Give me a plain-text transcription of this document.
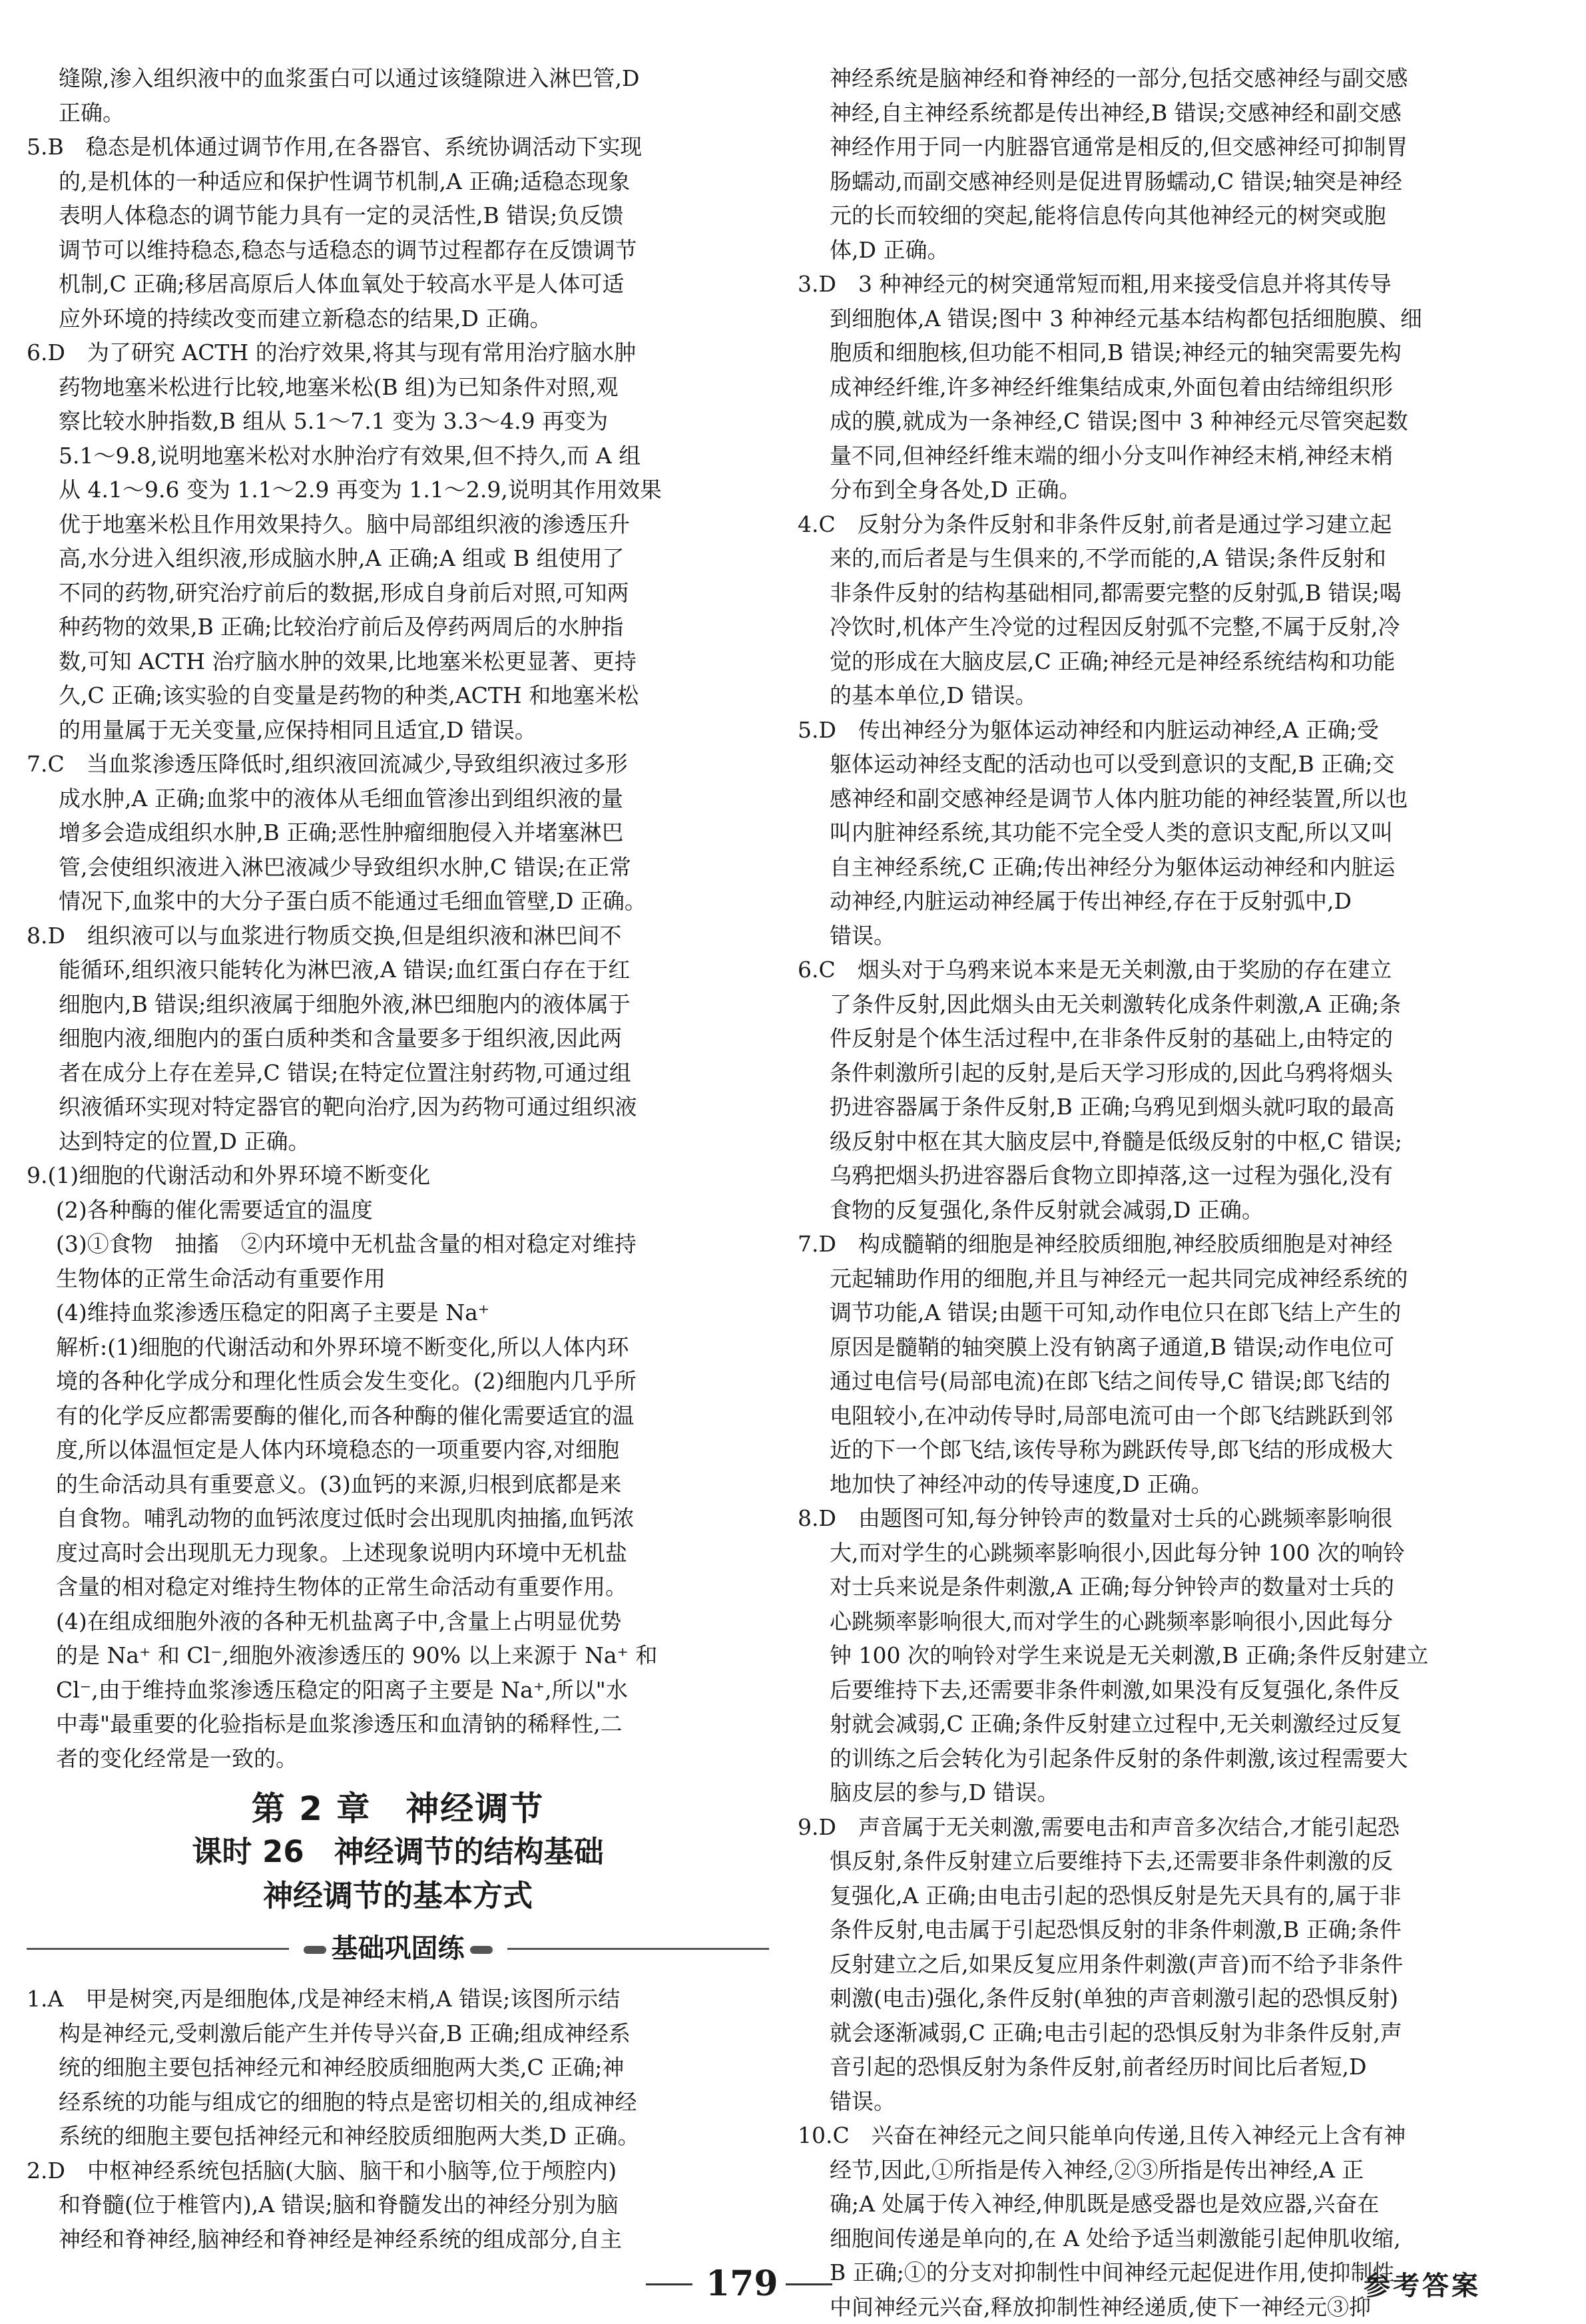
缝隙,渗入组织液中的血浆蛋白可以通过该缝隙进入淋巴管,D
正确。
5.B　稳态是机体通过调节作用,在各器官、系统协调活动下实现
的,是机体的一种适应和保护性调节机制,A 正确;适稳态现象
表明人体稳态的调节能力具有一定的灵活性,B 错误;负反馈
调节可以维持稳态,稳态与适稳态的调节过程都存在反馈调节
机制,C 正确;移居高原后人体血氧处于较高水平是人体可适
应外环境的持续改变而建立新稳态的结果,D 正确。
6.D　为了研究 ACTH 的治疗效果,将其与现有常用治疗脑水肿
药物地塞米松进行比较,地塞米松(B 组)为已知条件对照,观
察比较水肿指数,B 组从 5.1～7.1 变为 3.3～4.9 再变为
5.1～9.8,说明地塞米松对水肿治疗有效果,但不持久,而 A 组
从 4.1～9.6 变为 1.1～2.9 再变为 1.1～2.9,说明其作用效果
优于地塞米松且作用效果持久。脑中局部组织液的渗透压升
高,水分进入组织液,形成脑水肿,A 正确;A 组或 B 组使用了
不同的药物,研究治疗前后的数据,形成自身前后对照,可知两
种药物的效果,B 正确;比较治疗前后及停药两周后的水肿指
数,可知 ACTH 治疗脑水肿的效果,比地塞米松更显著、更持
久,C 正确;该实验的自变量是药物的种类,ACTH 和地塞米松
的用量属于无关变量,应保持相同且适宜,D 错误。
7.C　当血浆渗透压降低时,组织液回流减少,导致组织液过多形
成水肿,A 正确;血浆中的液体从毛细血管渗出到组织液的量
增多会造成组织水肿,B 正确;恶性肿瘤细胞侵入并堵塞淋巴
管,会使组织液进入淋巴液减少导致组织水肿,C 错误;在正常
情况下,血浆中的大分子蛋白质不能通过毛细血管壁,D 正确。
8.D　组织液可以与血浆进行物质交换,但是组织液和淋巴间不
能循环,组织液只能转化为淋巴液,A 错误;血红蛋白存在于红
细胞内,B 错误;组织液属于细胞外液,淋巴细胞内的液体属于
细胞内液,细胞内的蛋白质种类和含量要多于组织液,因此两
者在成分上存在差异,C 错误;在特定位置注射药物,可通过组
织液循环实现对特定器官的靶向治疗,因为药物可通过组织液
达到特定的位置,D 正确。
9.(1)细胞的代谢活动和外界环境不断变化
(2)各种酶的催化需要适宜的温度
(3)①食物　抽搐　②内环境中无机盐含量的相对稳定对维持
生物体的正常生命活动有重要作用
(4)维持血浆渗透压稳定的阳离子主要是 Na⁺
解析:(1)细胞的代谢活动和外界环境不断变化,所以人体内环
境的各种化学成分和理化性质会发生变化。(2)细胞内几乎所
有的化学反应都需要酶的催化,而各种酶的催化需要适宜的温
度,所以体温恒定是人体内环境稳态的一项重要内容,对细胞
的生命活动具有重要意义。(3)血钙的来源,归根到底都是来
自食物。哺乳动物的血钙浓度过低时会出现肌肉抽搐,血钙浓
度过高时会出现肌无力现象。上述现象说明内环境中无机盐
含量的相对稳定对维持生物体的正常生命活动有重要作用。
(4)在组成细胞外液的各种无机盐离子中,含量上占明显优势
的是 Na⁺ 和 Cl⁻,细胞外液渗透压的 90% 以上来源于 Na⁺ 和
Cl⁻,由于维持血浆渗透压稳定的阳离子主要是 Na⁺,所以"水
中毒"最重要的化验指标是血浆渗透压和血清钠的稀释性,二
者的变化经常是一致的。
第 2 章　神经调节
课时 26　神经调节的结构基础
神经调节的基本方式
基础巩固练
1.A　甲是树突,丙是细胞体,戊是神经末梢,A 错误;该图所示结
构是神经元,受刺激后能产生并传导兴奋,B 正确;组成神经系
统的细胞主要包括神经元和神经胶质细胞两大类,C 正确;神
经系统的功能与组成它的细胞的特点是密切相关的,组成神经
系统的细胞主要包括神经元和神经胶质细胞两大类,D 正确。
2.D　中枢神经系统包括脑(大脑、脑干和小脑等,位于颅腔内)
和脊髓(位于椎管内),A 错误;脑和脊髓发出的神经分别为脑
神经和脊神经,脑神经和脊神经是神经系统的组成部分,自主
神经系统是脑神经和脊神经的一部分,包括交感神经与副交感
神经,自主神经系统都是传出神经,B 错误;交感神经和副交感
神经作用于同一内脏器官通常是相反的,但交感神经可抑制胃
肠蠕动,而副交感神经则是促进胃肠蠕动,C 错误;轴突是神经
元的长而较细的突起,能将信息传向其他神经元的树突或胞
体,D 正确。
3.D　3 种神经元的树突通常短而粗,用来接受信息并将其传导
到细胞体,A 错误;图中 3 种神经元基本结构都包括细胞膜、细
胞质和细胞核,但功能不相同,B 错误;神经元的轴突需要先构
成神经纤维,许多神经纤维集结成束,外面包着由结缔组织形
成的膜,就成为一条神经,C 错误;图中 3 种神经元尽管突起数
量不同,但神经纤维末端的细小分支叫作神经末梢,神经末梢
分布到全身各处,D 正确。
4.C　反射分为条件反射和非条件反射,前者是通过学习建立起
来的,而后者是与生俱来的,不学而能的,A 错误;条件反射和
非条件反射的结构基础相同,都需要完整的反射弧,B 错误;喝
冷饮时,机体产生冷觉的过程因反射弧不完整,不属于反射,冷
觉的形成在大脑皮层,C 正确;神经元是神经系统结构和功能
的基本单位,D 错误。
5.D　传出神经分为躯体运动神经和内脏运动神经,A 正确;受
躯体运动神经支配的活动也可以受到意识的支配,B 正确;交
感神经和副交感神经是调节人体内脏功能的神经装置,所以也
叫内脏神经系统,其功能不完全受人类的意识支配,所以又叫
自主神经系统,C 正确;传出神经分为躯体运动神经和内脏运
动神经,内脏运动神经属于传出神经,存在于反射弧中,D
错误。
6.C　烟头对于乌鸦来说本来是无关刺激,由于奖励的存在建立
了条件反射,因此烟头由无关刺激转化成条件刺激,A 正确;条
件反射是个体生活过程中,在非条件反射的基础上,由特定的
条件刺激所引起的反射,是后天学习形成的,因此乌鸦将烟头
扔进容器属于条件反射,B 正确;乌鸦见到烟头就叼取的最高
级反射中枢在其大脑皮层中,脊髓是低级反射的中枢,C 错误;
乌鸦把烟头扔进容器后食物立即掉落,这一过程为强化,没有
食物的反复强化,条件反射就会减弱,D 正确。
7.D　构成髓鞘的细胞是神经胶质细胞,神经胶质细胞是对神经
元起辅助作用的细胞,并且与神经元一起共同完成神经系统的
调节功能,A 错误;由题干可知,动作电位只在郎飞结上产生的
原因是髓鞘的轴突膜上没有钠离子通道,B 错误;动作电位可
通过电信号(局部电流)在郎飞结之间传导,C 错误;郎飞结的
电阻较小,在冲动传导时,局部电流可由一个郎飞结跳跃到邻
近的下一个郎飞结,该传导称为跳跃传导,郎飞结的形成极大
地加快了神经冲动的传导速度,D 正确。
8.D　由题图可知,每分钟铃声的数量对士兵的心跳频率影响很
大,而对学生的心跳频率影响很小,因此每分钟 100 次的响铃
对士兵来说是条件刺激,A 正确;每分钟铃声的数量对士兵的
心跳频率影响很大,而对学生的心跳频率影响很小,因此每分
钟 100 次的响铃对学生来说是无关刺激,B 正确;条件反射建立
后要维持下去,还需要非条件刺激,如果没有反复强化,条件反
射就会减弱,C 正确;条件反射建立过程中,无关刺激经过反复
的训练之后会转化为引起条件反射的条件刺激,该过程需要大
脑皮层的参与,D 错误。
9.D　声音属于无关刺激,需要电击和声音多次结合,才能引起恐
惧反射,条件反射建立后要维持下去,还需要非条件刺激的反
复强化,A 正确;由电击引起的恐惧反射是先天具有的,属于非
条件反射,电击属于引起恐惧反射的非条件刺激,B 正确;条件
反射建立之后,如果反复应用条件刺激(声音)而不给予非条件
刺激(电击)强化,条件反射(单独的声音刺激引起的恐惧反射)
就会逐渐减弱,C 正确;电击引起的恐惧反射为非条件反射,声
音引起的恐惧反射为条件反射,前者经历时间比后者短,D
错误。
10.C　兴奋在神经元之间只能单向传递,且传入神经元上含有神
经节,因此,①所指是传入神经,②③所指是传出神经,A 正
确;A 处属于传入神经,伸肌既是感受器也是效应器,兴奋在
细胞间传递是单向的,在 A 处给予适当刺激能引起伸肌收缩,
B 正确;①的分支对抑制性中间神经元起促进作用,使抑制性
中间神经元兴奋,释放抑制性神经递质,使下一神经元③抑
179	参考答案
